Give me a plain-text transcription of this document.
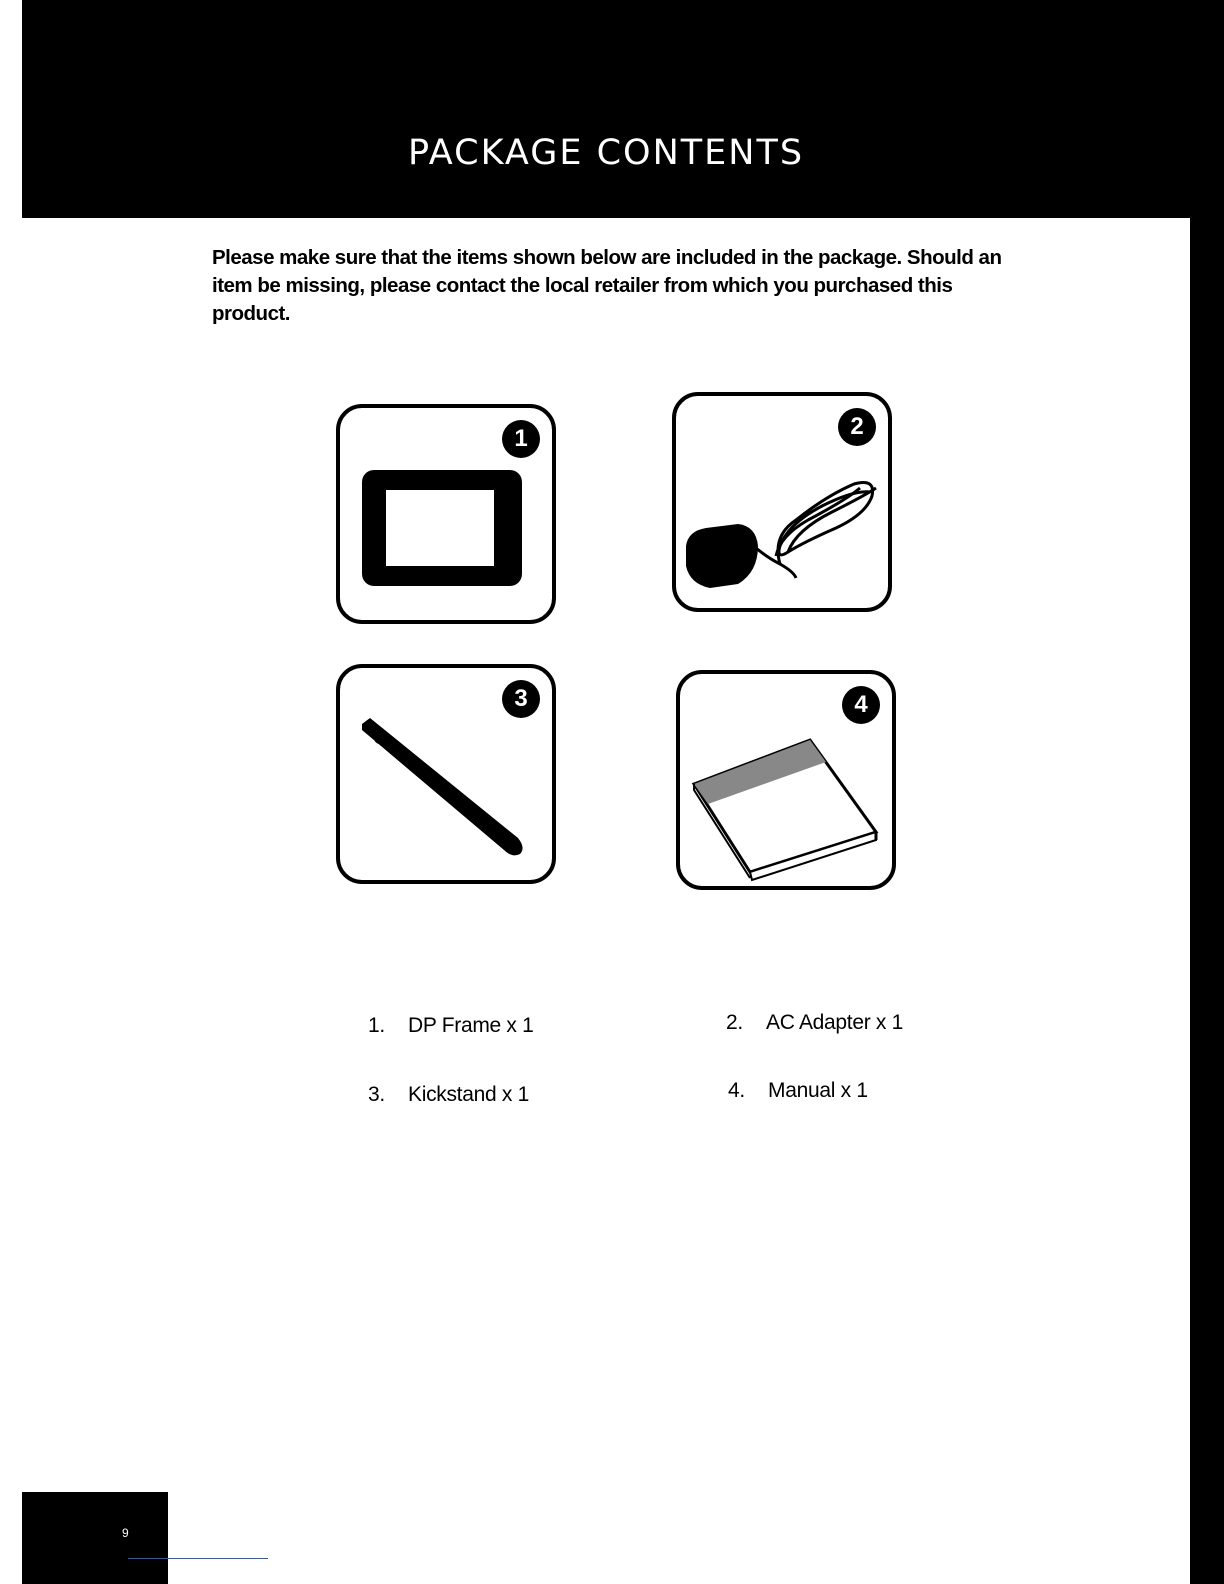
PACKAGE CONTENTS
Please make sure that the items shown below are included in the package. Should an item be missing, please contact the local retailer from which you purchased this product.
1	2
3	4
1. DP Frame x 1	2. AC Adapter x 1
3. Kickstand x 1	4. Manual x 1
9
